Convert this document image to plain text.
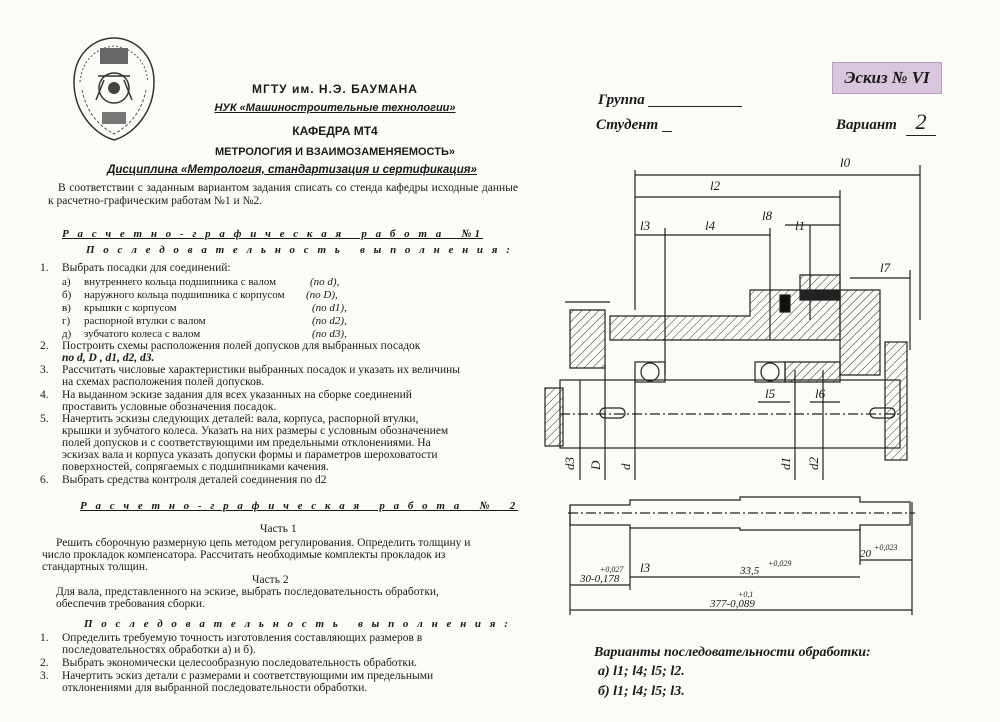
МГТУ им. Н.Э. БАУМАНА
НУК «Машиностроительные технологии»
КАФЕДРА МТ4
МЕТРОЛОГИЯ И ВЗАИМОЗАМЕНЯЕМОСТЬ»
Дисциплина «Метрология, стандартизация и сертификация»
В соответствии с заданным вариантом задания списать со стенда кафедры исходные данные к расчетно-графическим работам №1 и №2.
Р а с ч е т н о - г р а ф и ч е с к а я   р а б о т а   №1
П о с л е д о в а т е л ь н о с т ь   в ы п о л н е н и я :
1. Выбрать посадки для соединений:
а) внутреннего кольца подшипника с валом	(по d),
б) наружного кольца подшипника с корпусом (по D),
в) крышки с корпусом	(по d1),
г) распорной втулки с валом	(по d2),
д) зубчатого колеса с валом	(по d3),
2. Построить схемы расположения полей допусков для выбранных посадок
по d, D , d1, d2, d3.
3. Рассчитать числовые характеристики выбранных посадок и указать их величины
на схемах расположения полей допусков.
4. На выданном эскизе задания для всех указанных на сборке соединений
проставить условные обозначения посадок.
5. Начертить эскизы следующих деталей: вала, корпуса, распорной втулки,
крышки и зубчатого колеса. Указать на них размеры с условным обозначением
полей допусков и с соответствующими им предельными отклонениями. На
эскизах вала и корпуса указать допуски формы и параметров шероховатости
поверхностей, сопрягаемых с подшипниками качения.
6. Выбрать средства контроля деталей соединения по d2
Р а с ч е т н о - г р а ф и ч е с к а я   р а б о т а   №   2
Часть 1
Решить сборочную размерную цепь методом регулирования. Определить толщину и
число прокладок компенсатора. Рассчитать необходимые комплекты прокладок из
стандартных толщин.
Часть 2
Для вала, представленного на эскизе, выбрать последовательность обработки,
обеспечив требования сборки.
П о с л е д о в а т е л ь н о с т ь   в ы п о л н е н и я :
1. Определить требуемую точность изготовления составляющих размеров в
последовательностях обработки а) и б).
2. Выбрать экономически целесообразную последовательность обработки.
3. Начертить эскиз детали с размерами и соответствующими им предельными
отклонениями для выбранной последовательности обработки.
Эскиз № VI
Группа
Студент	Вариант 2
l0
l2
l3	l4
l8
l1
l7
l5	l6
l3
d3 D d	d1 d2
30-0,178
+0,027	33,5
+0,029
20
+0,023
377-0,089
+0,1
Варианты последовательности обработки:
а) l1; l4; l5; l2.
б) l1; l4; l5; l3.
